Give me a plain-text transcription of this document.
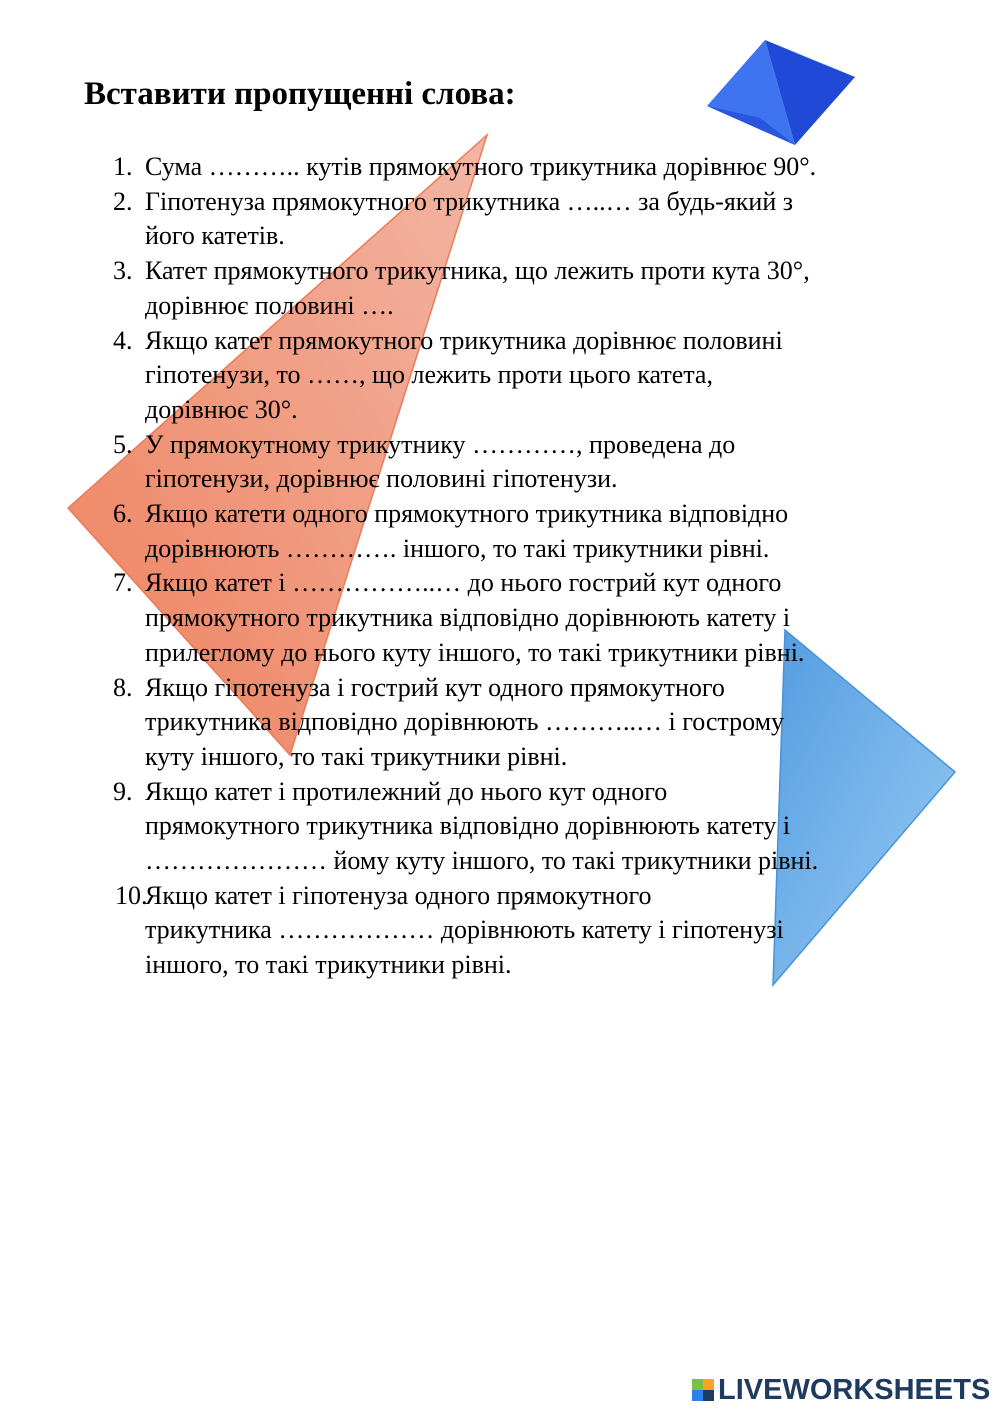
Вставити пропущенні слова:
1. Сума ……….. кутів прямокутного трикутника дорівнює 90°.
2. Гіпотенуза прямокутного трикутника …..… за будь-який з
його катетів.
3. Катет прямокутного трикутника, що лежить проти кута 30°,
дорівнює половині ….
4. Якщо катет прямокутного трикутника дорівнює половині
гіпотенузи, то ……, що лежить проти цього катета,
дорівнює 30°.
5. У прямокутному трикутнику …………, проведена до
гіпотенузи, дорівнює половині гіпотенузи.
6. Якщо катети одного прямокутного трикутника відповідно
дорівнюють …………. іншого, то такі трикутники рівні.
7. Якщо катет і ……………..… до нього гострий кут одного
прямокутного трикутника відповідно дорівнюють катету і
прилеглому до нього куту іншого, то такі трикутники рівні.
8. Якщо гіпотенуза і гострий кут одного прямокутного
трикутника відповідно дорівнюють ………..… і гострому
куту іншого, то такі трикутники рівні.
9. Якщо катет і протилежний до нього кут одного
прямокутного трикутника відповідно дорівнюють катету і
………………… йому куту іншого, то такі трикутники рівні.
10.
Якщо катет і гіпотенуза одного прямокутного
трикутника ……………… дорівнюють катету і гіпотенузі
іншого, то такі трикутники рівні.
LIVEWORKSHEETS
